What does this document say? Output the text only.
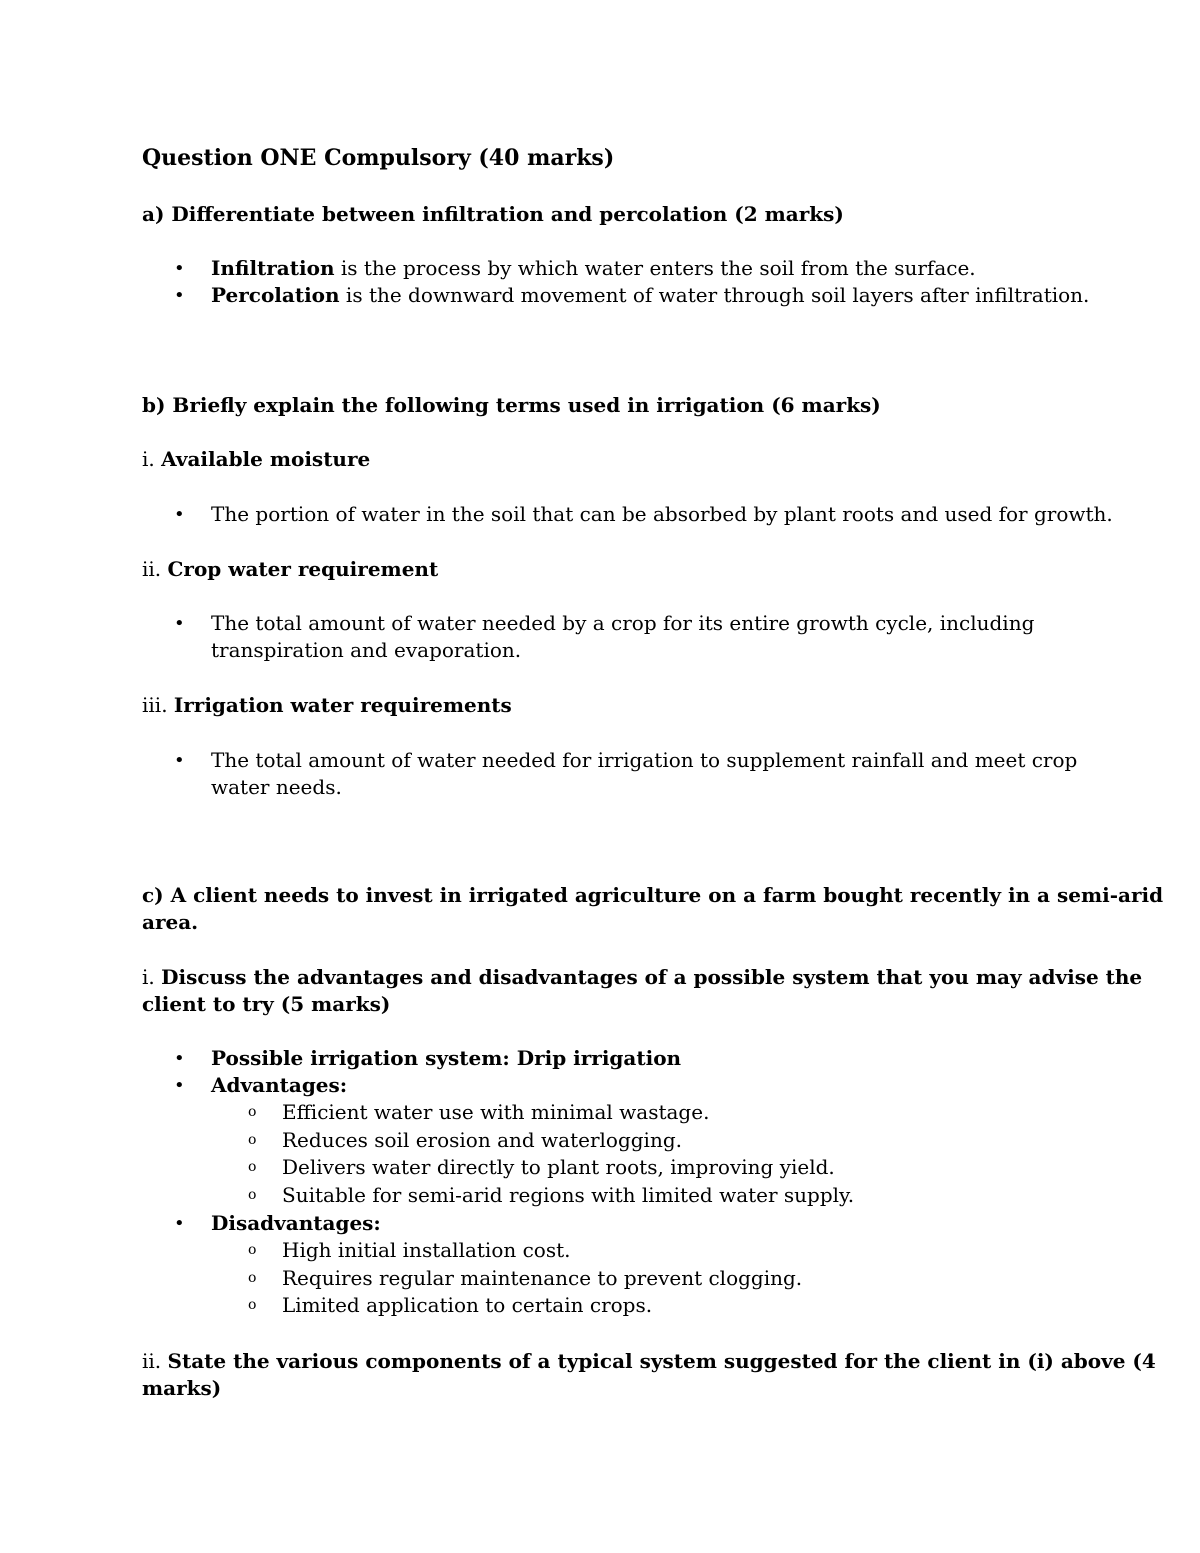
Question ONE Compulsory (40 marks)
a) Differentiate between infiltration and percolation (2 marks)
• Infiltration is the process by which water enters the soil from the surface.
• Percolation is the downward movement of water through soil layers after infiltration.
b) Briefly explain the following terms used in irrigation (6 marks)
i. Available moisture
• The portion of water in the soil that can be absorbed by plant roots and used for growth.
ii. Crop water requirement
• The total amount of water needed by a crop for its entire growth cycle, including
transpiration and evaporation.
iii. Irrigation water requirements
• The total amount of water needed for irrigation to supplement rainfall and meet crop
water needs.
c) A client needs to invest in irrigated agriculture on a farm bought recently in a semi-arid
area.
i. Discuss the advantages and disadvantages of a possible system that you may advise the
client to try (5 marks)
• Possible irrigation system: Drip irrigation
• Advantages:
o Efficient water use with minimal wastage.
o Reduces soil erosion and waterlogging.
o Delivers water directly to plant roots, improving yield.
o Suitable for semi-arid regions with limited water supply.
• Disadvantages:
o High initial installation cost.
o Requires regular maintenance to prevent clogging.
o Limited application to certain crops.
ii. State the various components of a typical system suggested for the client in (i) above (4
marks)
